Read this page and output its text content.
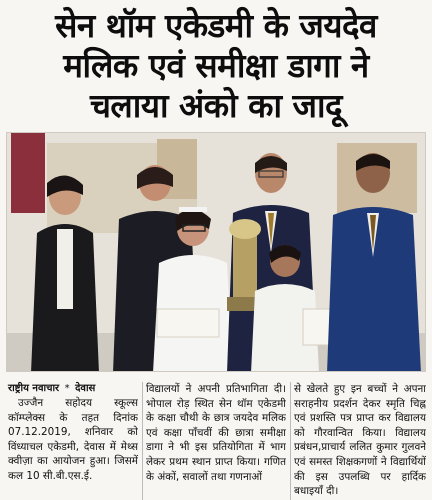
सेन थॉम एकेडमी के जयदेव
मलिक एवं समीक्षा डागा ने
चलाया अंको का जादू
राष्ट्रीय नवाचार * देवास

उज्जैन सहोदय स्कूल्स कॉम्प्लेक्स के तहत दिनांक 07.12.2019, शनिवार को विंध्याचल एकेडमी, देवास में मेथ्स क्वीज़ा का आयोजन हुआ। जिसमें कल 10 सी.बी.एस.ई.

विद्यालयों ने अपनी प्रतिभागिता दी। भोपाल रोड़ स्थित सेन थॉम एकेडमी के कक्षा चौथी के छात्र जयदेव मलिक एवं कक्षा पाँचवीं की छात्रा समीक्षा डागा ने भी इस प्रतियोगिता में भाग लेकर प्रथम स्थान प्राप्त किया। गणित के अंकों, सवालों तथा गणनाओं

से खेलते हुए इन बच्चों ने अपना सराहनीय प्रदर्शन देकर स्मृति चिह्न एवं प्रशस्ति पत्र प्राप्त कर विद्यालय को गौरवान्वित किया। विद्यालय प्रबंधन,प्राचार्य ललित कुमार गुलवने एवं समस्त शिक्षकगणों ने विद्यार्थियों की इस उपलब्धि पर हार्दिक बधाइयाँ दी।
